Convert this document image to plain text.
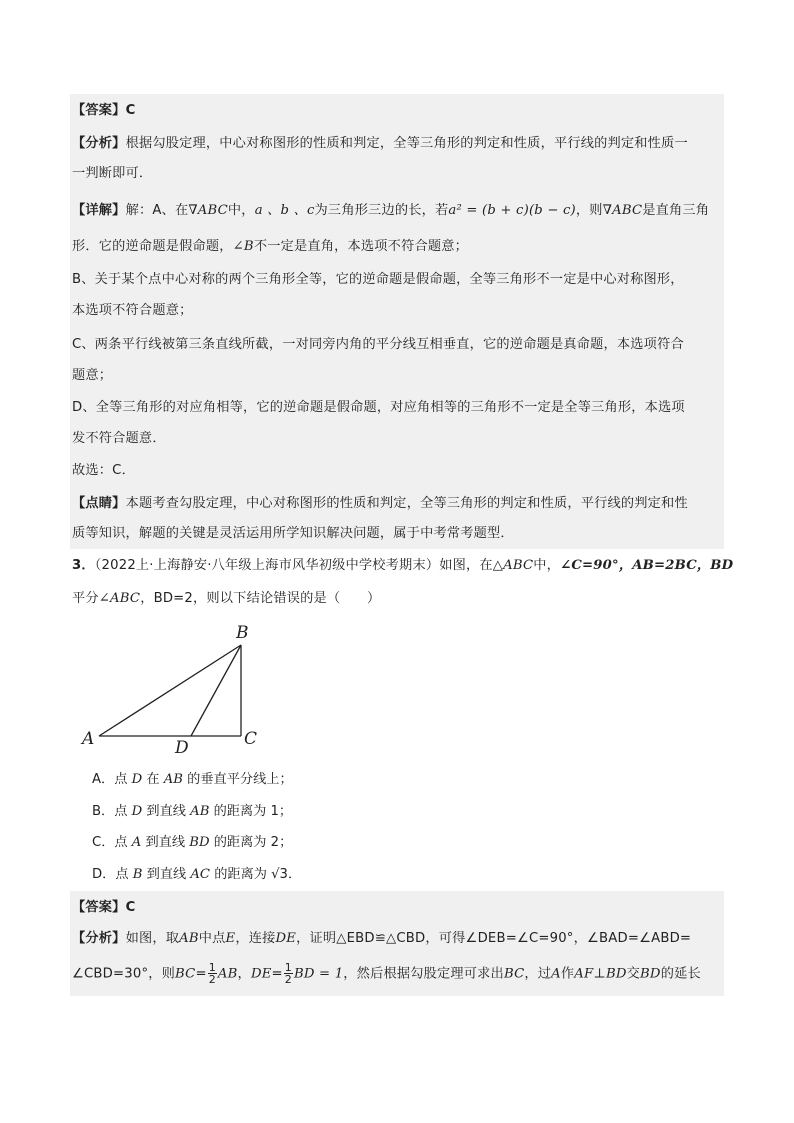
【答案】C
【分析】根据勾股定理，中心对称图形的性质和判定，全等三角形的判定和性质，平行线的判定和性质一
一判断即可．
【详解】解：A、在∇ABC中，a 、b 、c为三角形三边的长，若a² = (b + c)(b − c)，则∇ABC是直角三角
形．它的逆命题是假命题，∠B不一定是直角，本选项不符合题意；
B、关于某个点中心对称的两个三角形全等，它的逆命题是假命题，全等三角形不一定是中心对称图形，
本选项不符合题意；
C、两条平行线被第三条直线所截，一对同旁内角的平分线互相垂直，它的逆命题是真命题，本选项符合
题意；
D、全等三角形的对应角相等，它的逆命题是假命题，对应角相等的三角形不一定是全等三角形，本选项
发不符合题意．
故选：C．
【点睛】本题考查勾股定理，中心对称图形的性质和判定，全等三角形的判定和性质，平行线的判定和性
质等知识，解题的关键是灵活运用所学知识解决问题，属于中考常考题型．
3．（2022上·上海静安·八年级上海市风华初级中学校考期末）如图，在△ABC中，∠C=90°，AB=2BC，BD
平分∠ABC，BD=2，则以下结论错误的是（　　）
B
A	D	C
A．点 D 在 AB 的垂直平分线上；
B．点 D 到直线 AB 的距离为 1；
C．点 A 到直线 BD 的距离为 2；
D．点 B 到直线 AC 的距离为 √3．
【答案】C
【分析】如图，取AB中点E，连接DE，证明△EBD≌△CBD，可得∠DEB=∠C=90°，∠BAD=∠ABD=
∠CBD=30°，则$BC= \frac{1}{2}$ AB，$DE= \frac{1}{2}$ BD = 1，然后根据勾股定理可求出BC，过A作AF⊥BD交BD的延长
